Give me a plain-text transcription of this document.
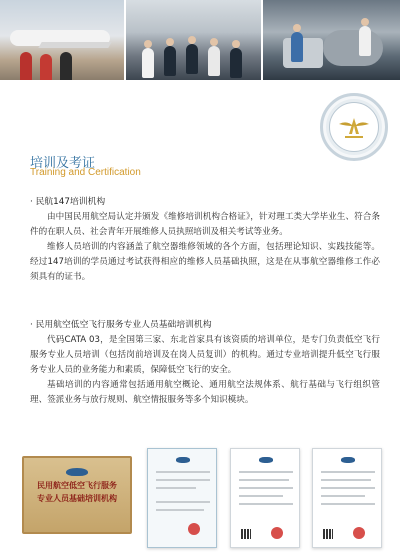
培训及考证
Training and Certification
· 民航147培训机构
由中国民用航空局认定并颁发《维修培训机构合格证》，针对理工类大学毕业生、符合条件的在职人员、社会青年开展维修人员执照培训及相关考试等业务。
维修人员培训的内容涵盖了航空器维修领域的各个方面，包括理论知识、实践技能等。经过147培训的学员通过考试获得相应的维修人员基础执照，这是在从事航空器维修工作必须具有的证书。
· 民用航空低空飞行服务专业人员基础培训机构
代码CATA 03，是全国第三家、东北首家具有该资质的培训单位，是专门负责低空飞行服务专业人员培训（包括岗前培训及在岗人员复训）的机构。通过专业培训提升低空飞行服务专业人员的业务能力和素质，保障低空飞行的安全。
基础培训的内容通常包括通用航空概论、通用航空法规体系、航行基础与飞行组织管理、签派业务与放行规则、航空情报服务等多个知识模块。
民用航空低空飞行服务
专业人员基础培训机构
